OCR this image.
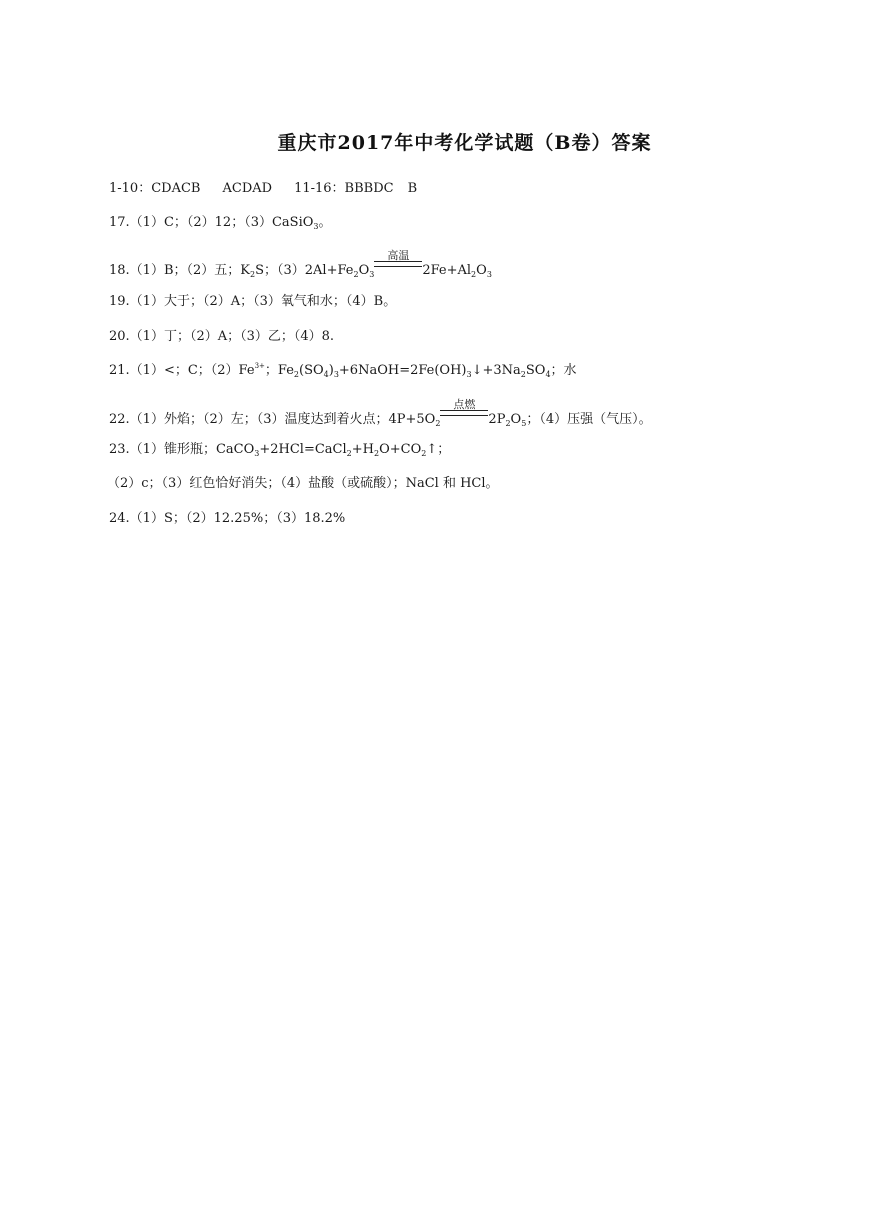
重庆市2017年中考化学试题（B卷）答案
1-10：CDACB ACDAD 11-16：BBBDC B
17.（1）C；（2）12；（3）CaSiO$_3$。
18.（1）B；（2）五；$K_2S$；$(3)2Al+Fe_2O_3$
高温
$2Fe+Al_2O_3$
19.（1）大于；（2）A；（3）氧气和水；（4）B。
20.（1）丁；（2）A；（3）乙；（4）8.
21.（1）<；C；$(2)Fe^{3+}$；$Fe_2(SO_4)_3+6NaOH=2Fe(OH)_3↓+3Na_2SO_4$；水
22.（1）外焰；（2）左；（3）温度达到着火点；$4P+5O_2$
点燃
$2P_2O_5$；（4）压强（气压）。
23.（1）锥形瓶；$CaCO_3+2HCl=CaCl_2+H_2O+CO_2↑$；
（2）c；（3）红色恰好消失；（4）盐酸（或硫酸）；NaCl 和 HCl。
24.（1）S；（2）12.25%；（3）18.2%
